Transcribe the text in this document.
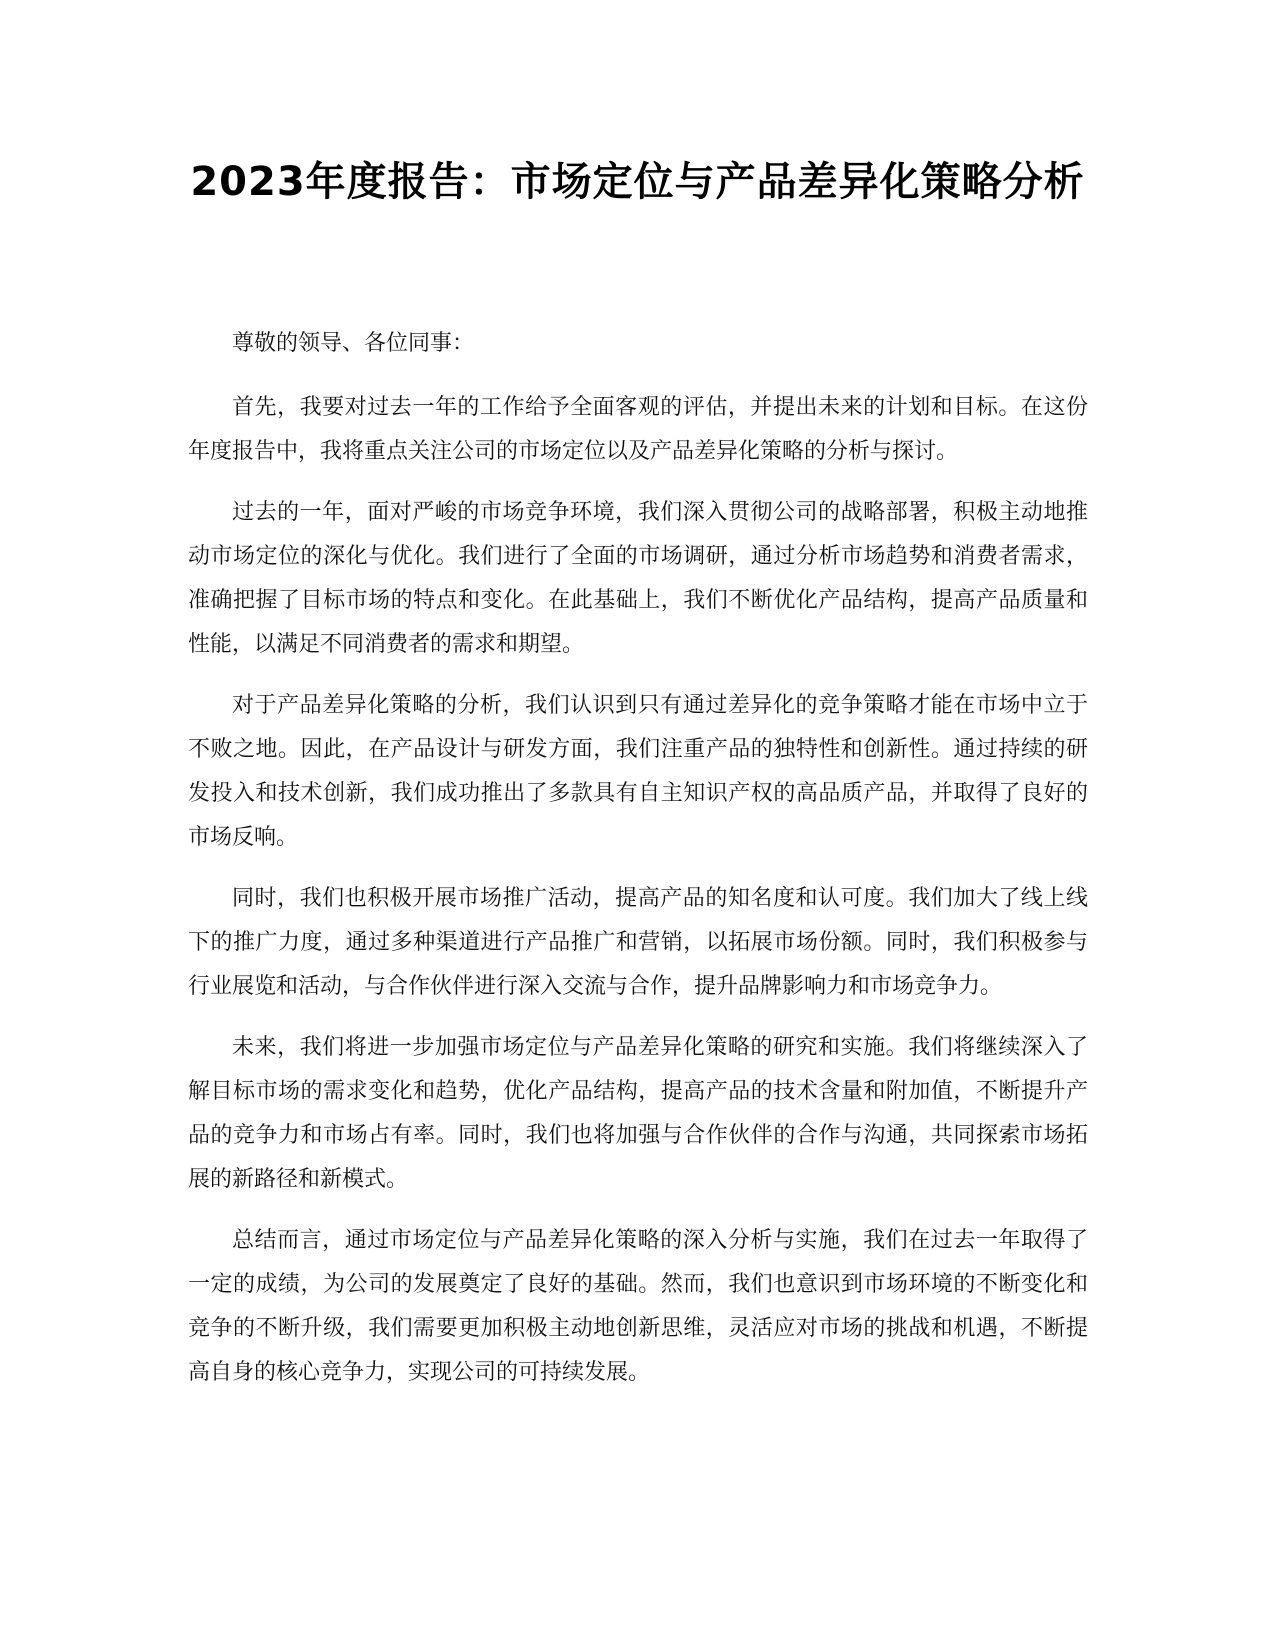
2023年度报告：市场定位与产品差异化策略分析

尊敬的领导、各位同事：

首先，我要对过去一年的工作给予全面客观的评估，并提出未来的计划和目标。在这份年度报告中，我将重点关注公司的市场定位以及产品差异化策略的分析与探讨。

过去的一年，面对严峻的市场竞争环境，我们深入贯彻公司的战略部署，积极主动地推动市场定位的深化与优化。我们进行了全面的市场调研，通过分析市场趋势和消费者需求，准确把握了目标市场的特点和变化。在此基础上，我们不断优化产品结构，提高产品质量和性能，以满足不同消费者的需求和期望。

对于产品差异化策略的分析，我们认识到只有通过差异化的竞争策略才能在市场中立于不败之地。因此，在产品设计与研发方面，我们注重产品的独特性和创新性。通过持续的研发投入和技术创新，我们成功推出了多款具有自主知识产权的高品质产品，并取得了良好的市场反响。

同时，我们也积极开展市场推广活动，提高产品的知名度和认可度。我们加大了线上线下的推广力度，通过多种渠道进行产品推广和营销，以拓展市场份额。同时，我们积极参与行业展览和活动，与合作伙伴进行深入交流与合作，提升品牌影响力和市场竞争力。

未来，我们将进一步加强市场定位与产品差异化策略的研究和实施。我们将继续深入了解目标市场的需求变化和趋势，优化产品结构，提高产品的技术含量和附加值，不断提升产品的竞争力和市场占有率。同时，我们也将加强与合作伙伴的合作与沟通，共同探索市场拓展的新路径和新模式。

总结而言，通过市场定位与产品差异化策略的深入分析与实施，我们在过去一年取得了一定的成绩，为公司的发展奠定了良好的基础。然而，我们也意识到市场环境的不断变化和竞争的不断升级，我们需要更加积极主动地创新思维，灵活应对市场的挑战和机遇，不断提高自身的核心竞争力，实现公司的可持续发展。
